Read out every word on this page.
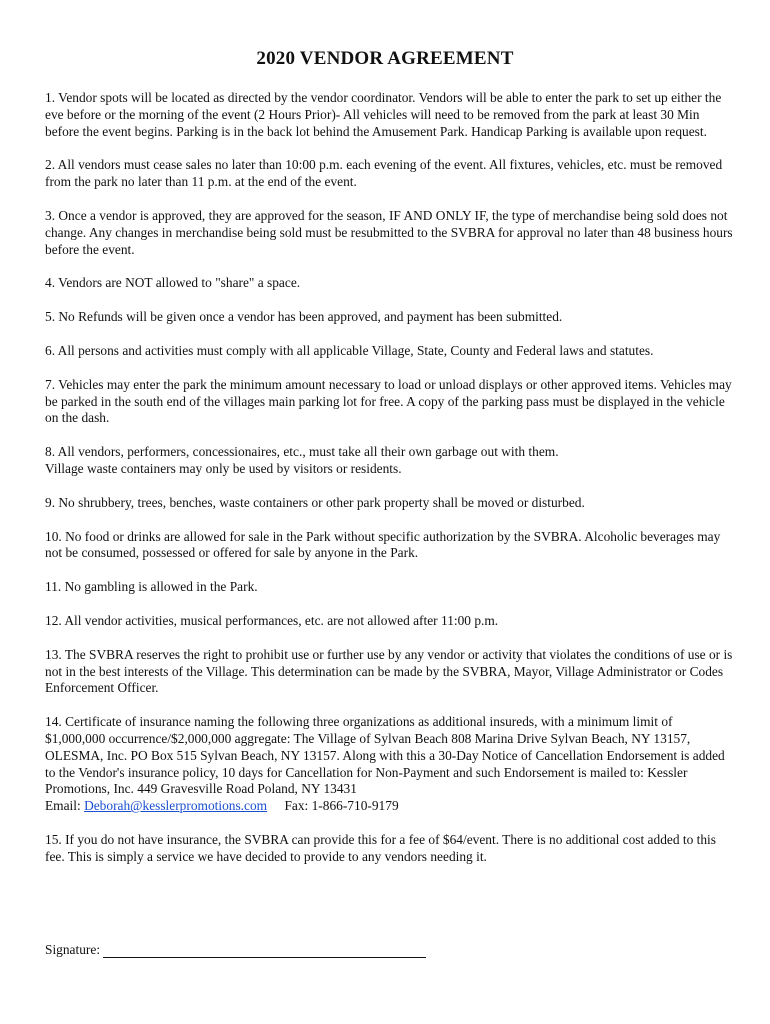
2020 VENDOR AGREEMENT

1. Vendor spots will be located as directed by the vendor coordinator. Vendors will be able to enter the park to set up either the eve before or the morning of the event (2 Hours Prior)- All vehicles will need to be removed from the park at least 30 Min before the event begins. Parking is in the back lot behind the Amusement Park. Handicap Parking is available upon request.

2. All vendors must cease sales no later than 10:00 p.m. each evening of the event. All fixtures, vehicles, etc. must be removed from the park no later than 11 p.m. at the end of the event.

3. Once a vendor is approved, they are approved for the season, IF AND ONLY IF, the type of merchandise being sold does not change. Any changes in merchandise being sold must be resubmitted to the SVBRA for approval no later than 48 business hours before the event.

4. Vendors are NOT allowed to "share" a space.

5. No Refunds will be given once a vendor has been approved, and payment has been submitted.

6. All persons and activities must comply with all applicable Village, State, County and Federal laws and statutes.

7. Vehicles may enter the park the minimum amount necessary to load or unload displays or other approved items. Vehicles may be parked in the south end of the villages main parking lot for free. A copy of the parking pass must be displayed in the vehicle on the dash.

8. All vendors, performers, concessionaires, etc., must take all their own garbage out with them.
Village waste containers may only be used by visitors or residents.

9. No shrubbery, trees, benches, waste containers or other park property shall be moved or disturbed.

10. No food or drinks are allowed for sale in the Park without specific authorization by the SVBRA. Alcoholic beverages may not be consumed, possessed or offered for sale by anyone in the Park.

11. No gambling is allowed in the Park.

12. All vendor activities, musical performances, etc. are not allowed after 11:00 p.m.

13. The SVBRA reserves the right to prohibit use or further use by any vendor or activity that violates the conditions of use or is not in the best interests of the Village. This determination can be made by the SVBRA, Mayor, Village Administrator or Codes Enforcement Officer.

14. Certificate of insurance naming the following three organizations as additional insureds, with a minimum limit of $1,000,000 occurrence/$2,000,000 aggregate: The Village of Sylvan Beach 808 Marina Drive Sylvan Beach, NY 13157, OLESMA, Inc. PO Box 515 Sylvan Beach, NY 13157. Along with this a 30-Day Notice of Cancellation Endorsement is added to the Vendor's insurance policy, 10 days for Cancellation for Non-Payment and such Endorsement is mailed to: Kessler Promotions, Inc. 449 Gravesville Road Poland, NY 13431
Email: Deborah@kesslerpromotions.com Fax: 1-866-710-9179

15. If you do not have insurance, the SVBRA can provide this for a fee of $64/event. There is no additional cost added to this fee. This is simply a service we have decided to provide to any vendors needing it.

Signature:
